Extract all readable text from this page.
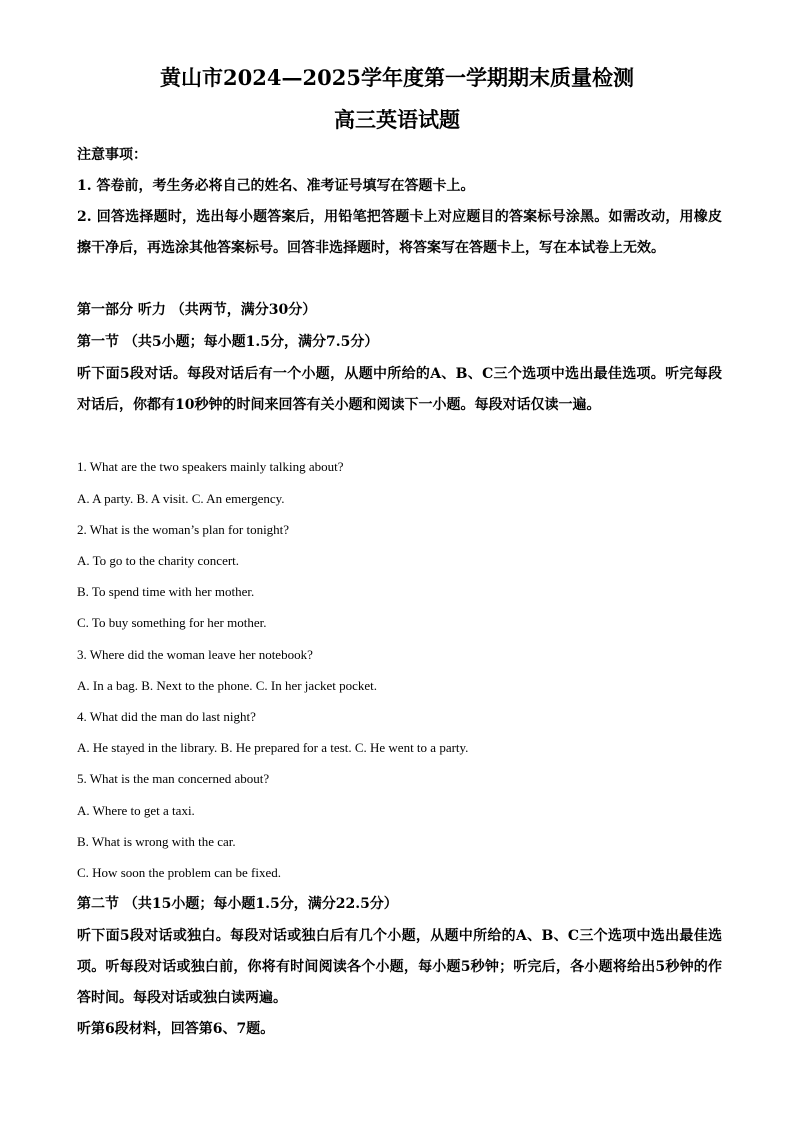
黄山市2024—2025学年度第一学期期末质量检测
高三英语试题
注意事项：
1. 答卷前，考生务必将自己的姓名、准考证号填写在答题卡上。
2. 回答选择题时，选出每小题答案后，用铅笔把答题卡上对应题目的答案标号涂黑。如需改动，用橡皮擦干净后，再选涂其他答案标号。回答非选择题时，将答案写在答题卡上，写在本试卷上无效。
第一部分 听力 （共两节，满分30分）
第一节 （共5小题；每小题1.5分，满分7.5分）
听下面5段对话。每段对话后有一个小题，从题中所给的A、B、C三个选项中选出最佳选项。听完每段对话后，你都有10秒钟的时间来回答有关小题和阅读下一小题。每段对话仅读一遍。
1. What are the two speakers mainly talking about?
A. A party. B. A visit. C. An emergency.
2. What is the woman’s plan for tonight?
A. To go to the charity concert.
B. To spend time with her mother.
C. To buy something for her mother.
3. Where did the woman leave her notebook?
A. In a bag. B. Next to the phone. C. In her jacket pocket.
4. What did the man do last night?
A. He stayed in the library. B. He prepared for a test. C. He went to a party.
5. What is the man concerned about?
A. Where to get a taxi.
B. What is wrong with the car.
C. How soon the problem can be fixed.
第二节 （共15小题；每小题1.5分，满分22.5分）
听下面5段对话或独白。每段对话或独白后有几个小题，从题中所给的A、B、C三个选项中选出最佳选项。听每段对话或独白前，你将有时间阅读各个小题，每小题5秒钟；听完后，各小题将给出5秒钟的作答时间。每段对话或独白读两遍。
听第6段材料，回答第6、7题。
